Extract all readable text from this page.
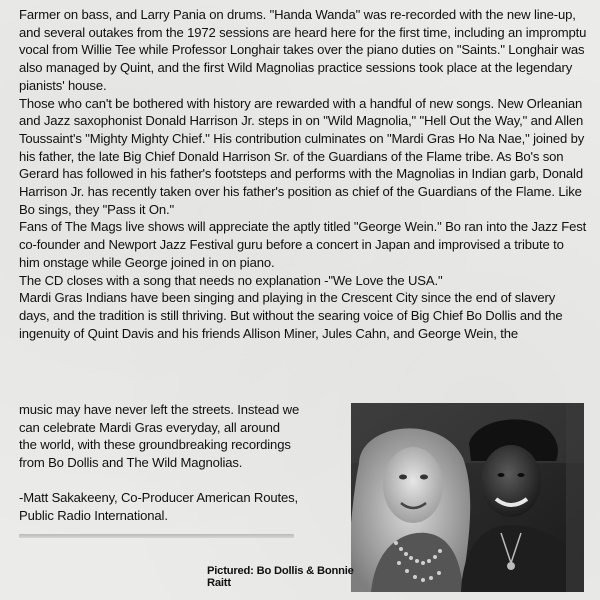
Farmer on bass, and Larry Pania on drums. "Handa Wanda" was re-recorded with the new line-up, and several outakes from the 1972 sessions are heard here for the first time, including an impromptu vocal from Willie Tee while Professor Longhair takes over the piano duties on "Saints." Longhair was also managed by Quint, and the first Wild Magnolias practice sessions took place at the legendary pianists' house.

Those who can't be bothered with history are rewarded with a handful of new songs. New Orleanian and Jazz saxophonist Donald Harrison Jr. steps in on "Wild Magnolia," "Hell Out the Way," and Allen Toussaint's "Mighty Mighty Chief." His contribution culminates on "Mardi Gras Ho Na Nae," joined by his father, the late Big Chief Donald Harrison Sr. of the Guardians of the Flame tribe. As Bo's son Gerard has followed in his father's footsteps and performs with the Magnolias in Indian garb, Donald Harrison Jr. has recently taken over his father's position as chief of the Guardians of the Flame. Like Bo sings, they "Pass it On."

Fans of The Mags live shows will appreciate the aptly titled "George Wein." Bo ran into the Jazz Fest co-founder and Newport Jazz Festival guru before a concert in Japan and improvised a tribute to him onstage while George joined in on piano.

The CD closes with a song that needs no explanation -"We Love the USA."

Mardi Gras Indians have been singing and playing in the Crescent City since the end of slavery days, and the tradition is still thriving. But without the searing voice of Big Chief Bo Dollis and the ingenuity of Quint Davis and his friends Allison Miner, Jules Cahn, and George Wein, the

music may have never left the streets. Instead we can celebrate Mardi Gras everyday, all around the world, with these groundbreaking recordings from Bo Dollis and The Wild Magnolias.

-Matt Sakakeeny, Co-Producer American Routes, Public Radio International.

Pictured: Bo Dollis & Bonnie Raitt
